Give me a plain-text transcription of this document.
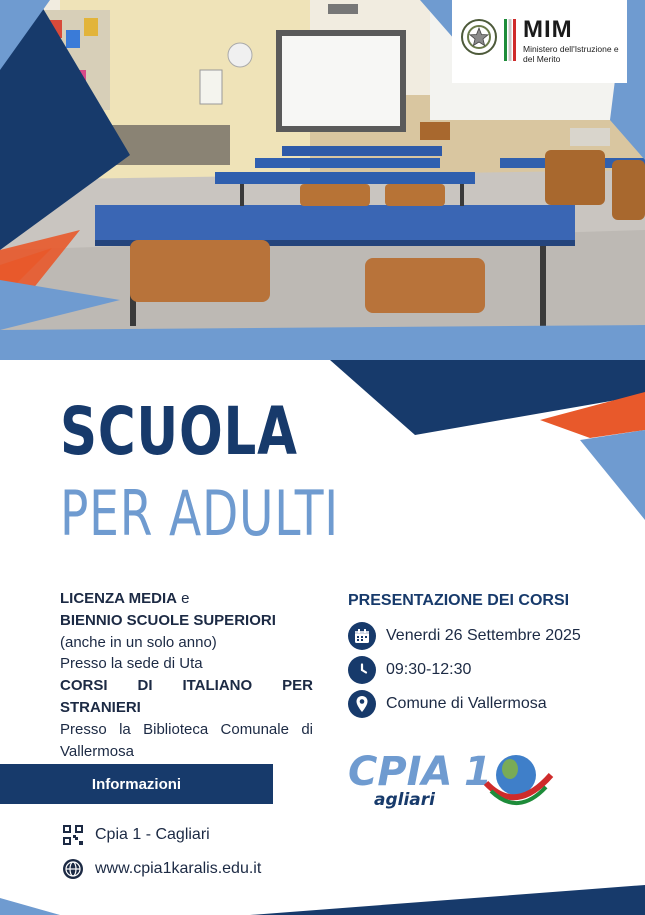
MIM
Ministero dell'Istruzione e del Merito
SCUOLA
PER ADULTI
LICENZA MEDIA e
BIENNIO SCUOLE SUPERIORI
(anche in un solo anno)
Presso la sede di Uta
CORSI DI ITALIANO PER STRANIERI
Presso la Biblioteca Comunale di Vallermosa
Informazioni
Cpia 1 - Cagliari
www.cpia1karalis.edu.it
PRESENTAZIONE DEI CORSI
Venerdi 26 Settembre 2025
09:30-12:30
Comune di Vallermosa
CPIA 1
agliari
